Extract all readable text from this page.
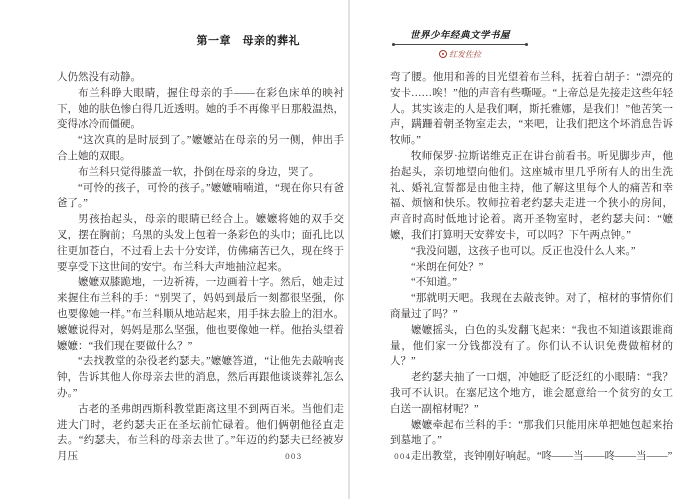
第一章　母亲的葬礼

人仍然没有动静。

布兰科睁大眼睛，握住母亲的手——在彩色床单的映衬下，她的肤色惨白得几近透明。她的手不再像平日那般温热，变得冰冷而僵硬。

“这次真的是时辰到了。”嬷嬷站在母亲的另一侧，伸出手合上她的双眼。

布兰科只觉得膝盖一软，扑倒在母亲的身边，哭了。

“可怜的孩子，可怜的孩子。”嬷嬷喃喃道，“现在你只有爸爸了。”

男孩抬起头，母亲的眼睛已经合上。嬷嬷将她的双手交叉，摆在胸前；乌黑的头发上包着一条彩色的头巾；面孔比以往更加苍白，不过看上去十分安详，仿佛痛苦已久，现在终于要享受下这世间的安宁。布兰科大声地抽泣起来。

嬷嬷双膝跪地，一边祈祷，一边画着十字。然后，她走过来握住布兰科的手：“别哭了，妈妈到最后一刻都很坚强，你也要像她一样。”布兰科顺从地站起来，用手抹去脸上的泪水。嬷嬷说得对，妈妈是那么坚强，他也要像她一样。他抬头望着嬷嬷：“我们现在要做什么？”

“去找教堂的杂役老约瑟夫。”嬷嬷答道，“让他先去敲响丧钟，告诉其他人你母亲去世的消息，然后再跟他谈谈葬礼怎么办。”

古老的圣弗朗西斯科教堂距离这里不到两百米。当他们走进大门时，老约瑟夫正在圣坛前忙碌着。他们俩朝他径直走去。“约瑟夫，布兰科的母亲去世了。”年迈的约瑟夫已经被岁月压	003
世界少年经典文学书屋
红发佐拉

弯了腰。他用和善的目光望着布兰科，抚着白胡子：“漂亮的安卡……唉！”他的声音有些嘶哑。“上帝总是先接走这些年轻人。其实该走的人是我们啊，斯托雅娜，是我们！”他苦笑一声，蹒跚着朝圣物室走去，“来吧，让我们把这个坏消息告诉牧师。”

牧师保罗·拉斯诺维克正在讲台前看书。听见脚步声，他抬起头，亲切地望向他们。这座城市里几乎所有人的出生洗礼、婚礼宣誓都是由他主持，他了解这里每个人的痛苦和幸福、烦恼和快乐。牧师拉着老约瑟夫走进一个狭小的房间，声音时高时低地讨论着。离开圣物室时，老约瑟夫问：“嬷嬷，我们打算明天安葬安卡，可以吗？下午两点钟。”

“我没问题，这孩子也可以。反正也没什么人来。”

“米朗在何处？”

“不知道。”

“那就明天吧。我现在去敲丧钟。对了，棺材的事情你们商量过了吗？”

嬷嬷摇头，白色的头发翻飞起来：“我也不知道该跟谁商量，他们家一分钱都没有了。你们认不认识免费做棺材的人？”

老约瑟夫抽了一口烟，冲她眨了眨泛红的小眼睛：“我？我可不认识。在塞尼这个地方，谁会愿意给一个贫穷的女工白送一副棺材呢？”

嬷嬷牵起布兰科的手：“那我们只能用床单把她包起来抬到墓地了。”

走出教堂，丧钟刚好响起。“咚——当——咚——当——”

004
